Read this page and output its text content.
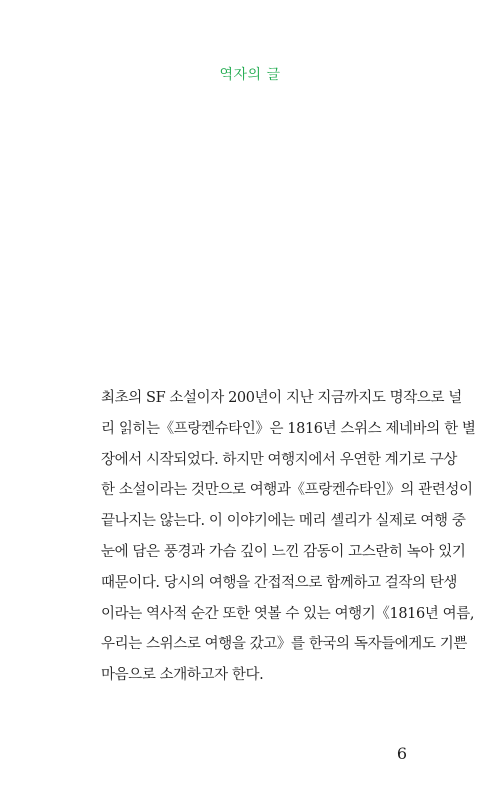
역자의 글
최초의 SF 소설이자 200년이 지난 지금까지도 명작으로 널
리 읽히는《프랑켄슈타인》은 1816년 스위스 제네바의 한 별
장에서 시작되었다. 하지만 여행지에서 우연한 계기로 구상
한 소설이라는 것만으로 여행과《프랑켄슈타인》의 관련성이
끝나지는 않는다. 이 이야기에는 메리 셸리가 실제로 여행 중
눈에 담은 풍경과 가슴 깊이 느낀 감동이 고스란히 녹아 있기
때문이다. 당시의 여행을 간접적으로 함께하고 걸작의 탄생
이라는 역사적 순간 또한 엿볼 수 있는 여행기《1816년 여름,
우리는 스위스로 여행을 갔고》를 한국의 독자들에게도 기쁜
마음으로 소개하고자 한다.
6
